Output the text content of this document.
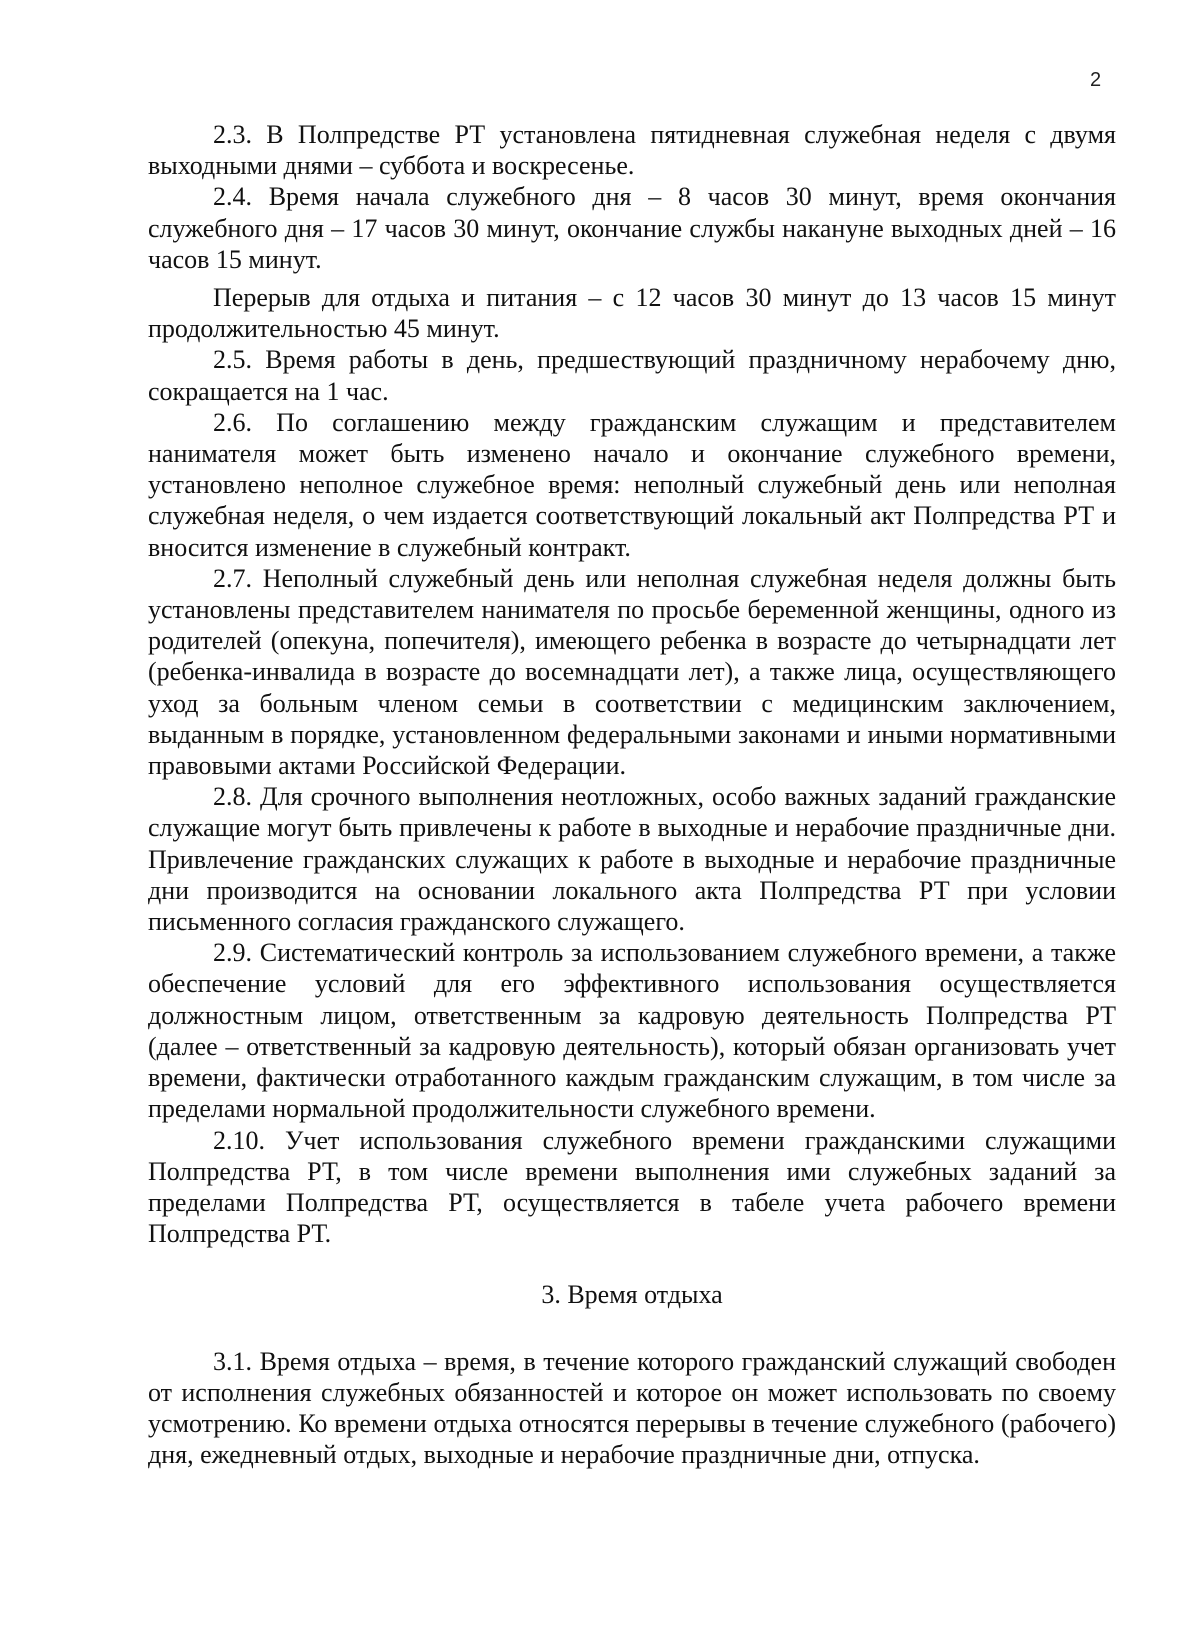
2

2.3. В Полпредстве РТ установлена пятидневная служебная неделя с двумя выходными днями – суббота и воскресенье.

2.4. Время начала служебного дня – 8 часов 30 минут, время окончания служебного дня – 17 часов 30 минут, окончание службы накануне выходных дней – 16 часов 15 минут.

Перерыв для отдыха и питания – с 12 часов 30 минут до 13 часов 15 минут продолжительностью 45 минут.

2.5. Время работы в день, предшествующий праздничному нерабочему дню, сокращается на 1 час.

2.6. По соглашению между гражданским служащим и представителем нанимателя может быть изменено начало и окончание служебного времени, установлено неполное служебное время: неполный служебный день или неполная служебная неделя, о чем издается соответствующий локальный акт Полпредства РТ и вносится изменение в служебный контракт.

2.7. Неполный служебный день или неполная служебная неделя должны быть установлены представителем нанимателя по просьбе беременной женщины, одного из родителей (опекуна, попечителя), имеющего ребенка в возрасте до четырнадцати лет (ребенка-инвалида в возрасте до восемнадцати лет), а также лица, осуществляющего уход за больным членом семьи в соответствии с медицинским заключением, выданным в порядке, установленном федеральными законами и иными нормативными правовыми актами Российской Федерации.

2.8. Для срочного выполнения неотложных, особо важных заданий гражданские служащие могут быть привлечены к работе в выходные и нерабочие праздничные дни. Привлечение гражданских служащих к работе в выходные и нерабочие праздничные дни производится на основании локального акта Полпредства РТ при условии письменного согласия гражданского служащего.

2.9. Систематический контроль за использованием служебного времени, а также обеспечение условий для его эффективного использования осуществляется должностным лицом, ответственным за кадровую деятельность Полпредства РТ (далее – ответственный за кадровую деятельность), который обязан организовать учет времени, фактически отработанного каждым гражданским служащим, в том числе за пределами нормальной продолжительности служебного времени.

2.10. Учет использования служебного времени гражданскими служащими Полпредства РТ, в том числе времени выполнения ими служебных заданий за пределами Полпредства РТ, осуществляется в табеле учета рабочего времени Полпредства РТ.

3. Время отдыха

3.1. Время отдыха – время, в течение которого гражданский служащий свободен от исполнения служебных обязанностей и которое он может использовать по своему усмотрению. Ко времени отдыха относятся перерывы в течение служебного (рабочего) дня, ежедневный отдых, выходные и нерабочие праздничные дни, отпуска.
